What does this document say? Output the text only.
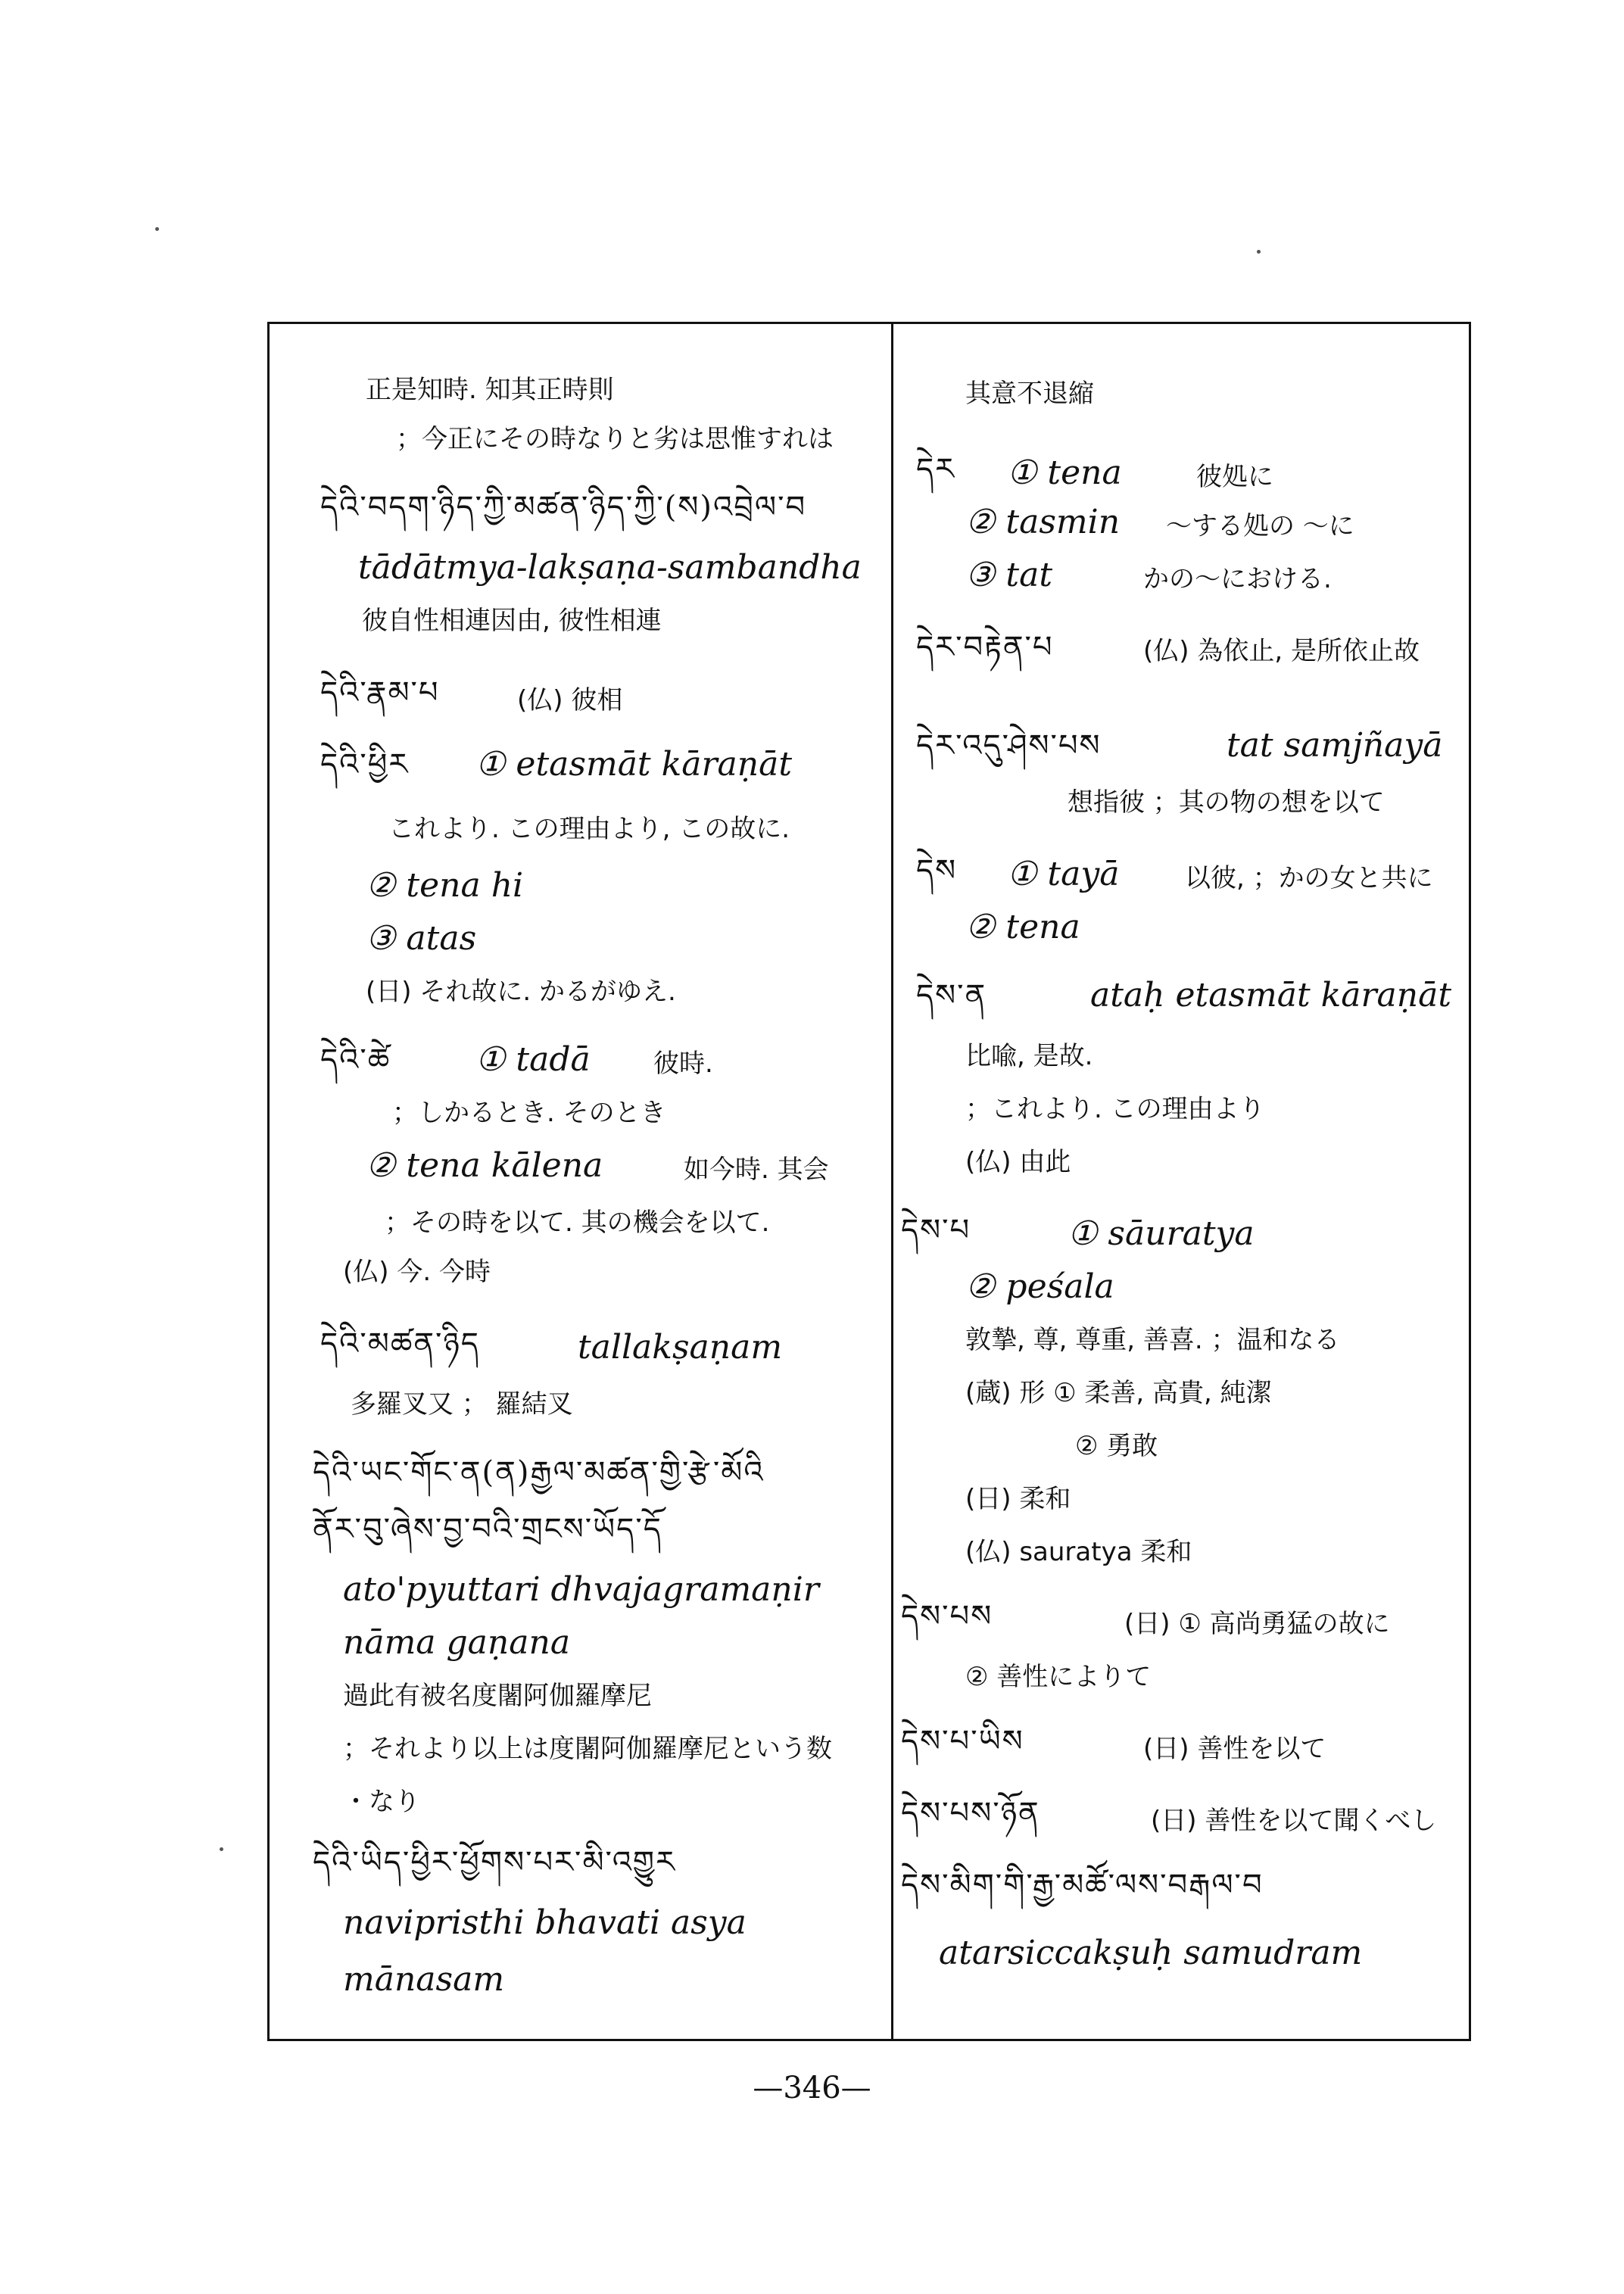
正是知時. 知其正時則
；今正にその時なりと劣は思惟すれは
དེའི་བདག་ཉིད་ཀྱི་མཚན་ཉིད་ཀྱི་(ས)འབྲེལ་བ
tādātmya-lakṣaṇa-sambandha
彼自性相連因由, 彼性相連
དེའི་རྣམ་པ	(仏) 彼相
དེའི་ཕྱིར ① etasmāt kāraṇāt
これより. この理由より, この故に.
② tena hi
③ atas
(日) それ故に. かるがゆえ.
དེའི་ཚེ	① tadā 彼時.
；しかるとき. そのとき
② tena kālena	如今時. 其会
；その時を以て. 其の機会を以て.
(仏) 今. 今時
དེའི་མཚན་ཉིད	tallakṣaṇam
多羅叉又 ； 羅結叉
དེའི་ཡང་གོང་ན(ན)རྒྱལ་མཚན་གྱི་རྩེ་མོའི
ནོར་བུ་ཞེས་བྱ་བའི་གྲངས་ཡོད་དོ
ato'pyuttari dhvajagramaṇir
nāma gaṇana
過此有被名度闍阿伽羅摩尼
；それより以上は度闍阿伽羅摩尼という数
・なり
དེའི་ཡིད་ཕྱིར་ཕྱོགས་པར་མི་འགྱུར
navipristhi bhavati asya
mānasam
其意不退縮
དེར ① tena	彼処に
② tasmin ～する処の ～に
③ tat	かの～における.
དེར་བརྟེན་པ	(仏) 為依止, 是所依止故
དེར་འདུ་ཤེས་པས	tat samjñayā
想指彼 ；其の物の想を以て
དེས ① tayā	以彼, ；かの女と共に
② tena
དེས་ན	ataḥ etasmāt kāraṇāt
比喩, 是故.
；これより. この理由より
(仏) 由此
དེས་པ	① sāuratya
② peśala
敦摯, 尊, 尊重, 善喜. ；温和なる
(蔵) 形 ① 柔善, 高貴, 純潔
② 勇敢
(日) 柔和
(仏) sauratya 柔和
དེས་པས	(日) ① 高尚勇猛の故に
② 善性によりて
དེས་པ་ཡིས	(日) 善性を以て
དེས་པས་ཉོན	(日) 善性を以て聞くべし
དེས་མིག་གི་རྒྱ་མཚོ་ལས་བརྒལ་བ
atarsiccakṣuḥ samudram
—346—
